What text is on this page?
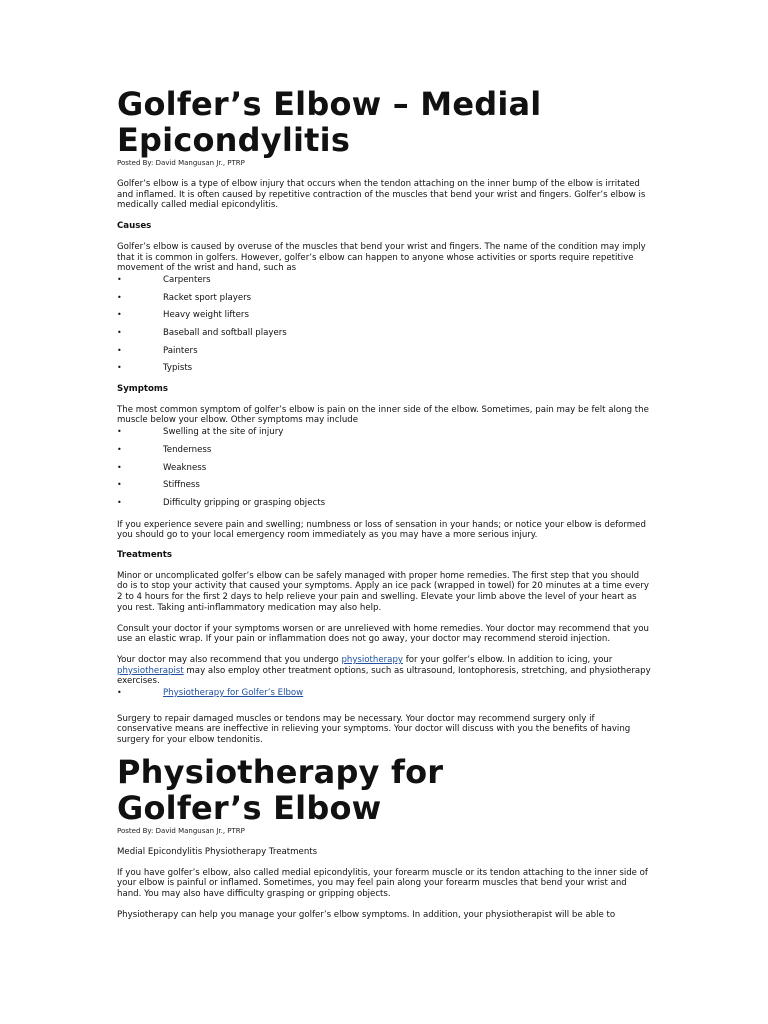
Golfer’s Elbow – Medial Epicondylitis
Posted By: David Mangusan Jr., PTRP

Golfer’s elbow is a type of elbow injury that occurs when the tendon attaching on the inner bump of the elbow is irritated and inflamed. It is often caused by repetitive contraction of the muscles that bend your wrist and fingers. Golfer’s elbow is medically called medial epicondylitis.

Causes

Golfer’s elbow is caused by overuse of the muscles that bend your wrist and fingers. The name of the condition may imply that it is common in golfers. However, golfer’s elbow can happen to anyone whose activities or sports require repetitive movement of the wrist and hand, such as

•	Carpenters
•	Racket sport players
•	Heavy weight lifters
•	Baseball and softball players
•	Painters
•	Typists
Symptoms

The most common symptom of golfer’s elbow is pain on the inner side of the elbow. Sometimes, pain may be felt along the muscle below your elbow. Other symptoms may include

•	Swelling at the site of injury
•	Tenderness
•	Weakness
•	Stiffness
•	Difficulty gripping or grasping objects

If you experience severe pain and swelling; numbness or loss of sensation in your hands; or notice your elbow is deformed you should go to your local emergency room immediately as you may have a more serious injury.

Treatments

Minor or uncomplicated golfer’s elbow can be safely managed with proper home remedies. The first step that you should do is to stop your activity that caused your symptoms. Apply an ice pack (wrapped in towel) for 20 minutes at a time every 2 to 4 hours for the first 2 days to help relieve your pain and swelling. Elevate your limb above the level of your heart as you rest. Taking anti-inflammatory medication may also help.

Consult your doctor if your symptoms worsen or are unrelieved with home remedies. Your doctor may recommend that you use an elastic wrap. If your pain or inflammation does not go away, your doctor may recommend steroid injection.

Your doctor may also recommend that you undergo physiotherapy for your golfer’s elbow. In addition to icing, your physiotherapist may also employ other treatment options, such as ultrasound, Iontophoresis, stretching, and physiotherapy exercises.

•	Physiotherapy for Golfer’s Elbow

Surgery to repair damaged muscles or tendons may be necessary. Your doctor may recommend surgery only if conservative means are ineffective in relieving your symptoms. Your doctor will discuss with you the benefits of having surgery for your elbow tendonitis.

Physiotherapy for Golfer’s Elbow
Posted By: David Mangusan Jr., PTRP

Medial Epicondylitis Physiotherapy Treatments

If you have golfer’s elbow, also called medial epicondylitis, your forearm muscle or its tendon attaching to the inner side of your elbow is painful or inflamed. Sometimes, you may feel pain along your forearm muscles that bend your wrist and hand. You may also have difficulty grasping or gripping objects.

Physiotherapy can help you manage your golfer’s elbow symptoms. In addition, your physiotherapist will be able to
